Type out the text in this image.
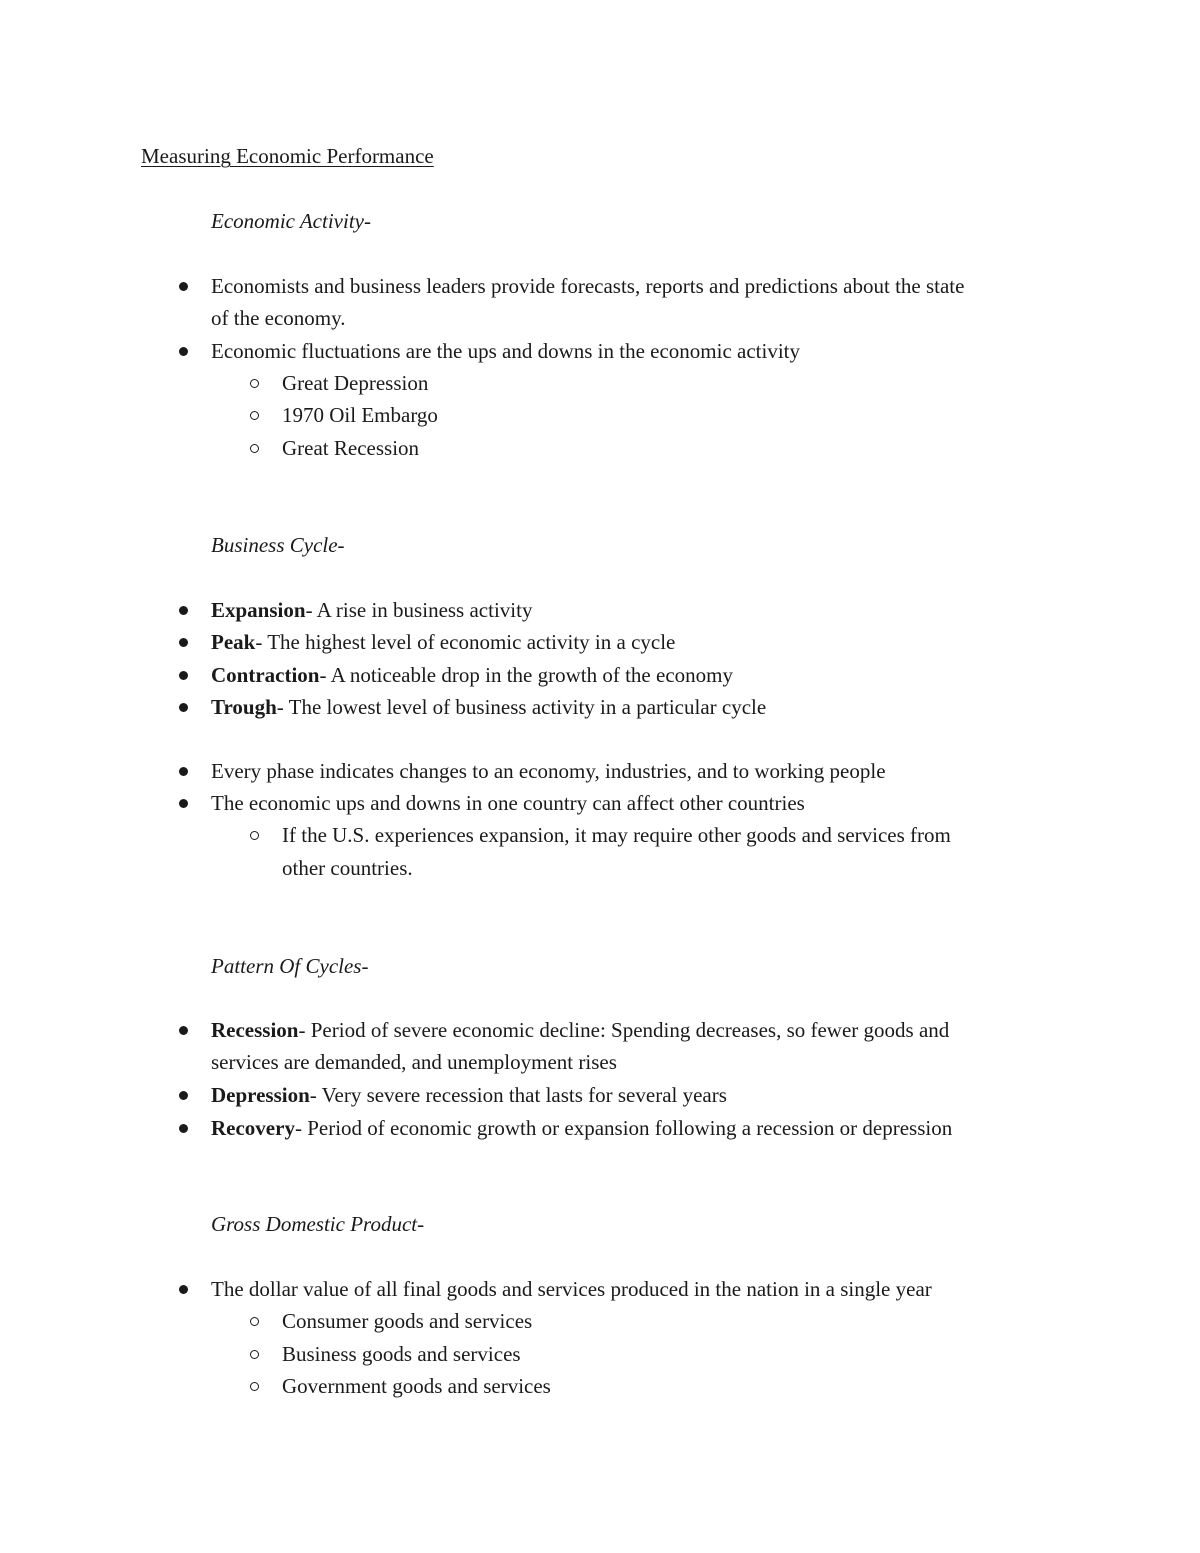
Measuring Economic Performance
Economic Activity-
Economists and business leaders provide forecasts, reports and predictions about the state
of the economy.
Economic fluctuations are the ups and downs in the economic activity
Great Depression
1970 Oil Embargo
Great Recession
Business Cycle-
Expansion- A rise in business activity
Peak- The highest level of economic activity in a cycle
Contraction- A noticeable drop in the growth of the economy
Trough- The lowest level of business activity in a particular cycle
Every phase indicates changes to an economy, industries, and to working people
The economic ups and downs in one country can affect other countries
If the U.S. experiences expansion, it may require other goods and services from
other countries.
Pattern Of Cycles-
Recession- Period of severe economic decline: Spending decreases, so fewer goods and
services are demanded, and unemployment rises
Depression- Very severe recession that lasts for several years
Recovery- Period of economic growth or expansion following a recession or depression
Gross Domestic Product-
The dollar value of all final goods and services produced in the nation in a single year
Consumer goods and services
Business goods and services
Government goods and services
